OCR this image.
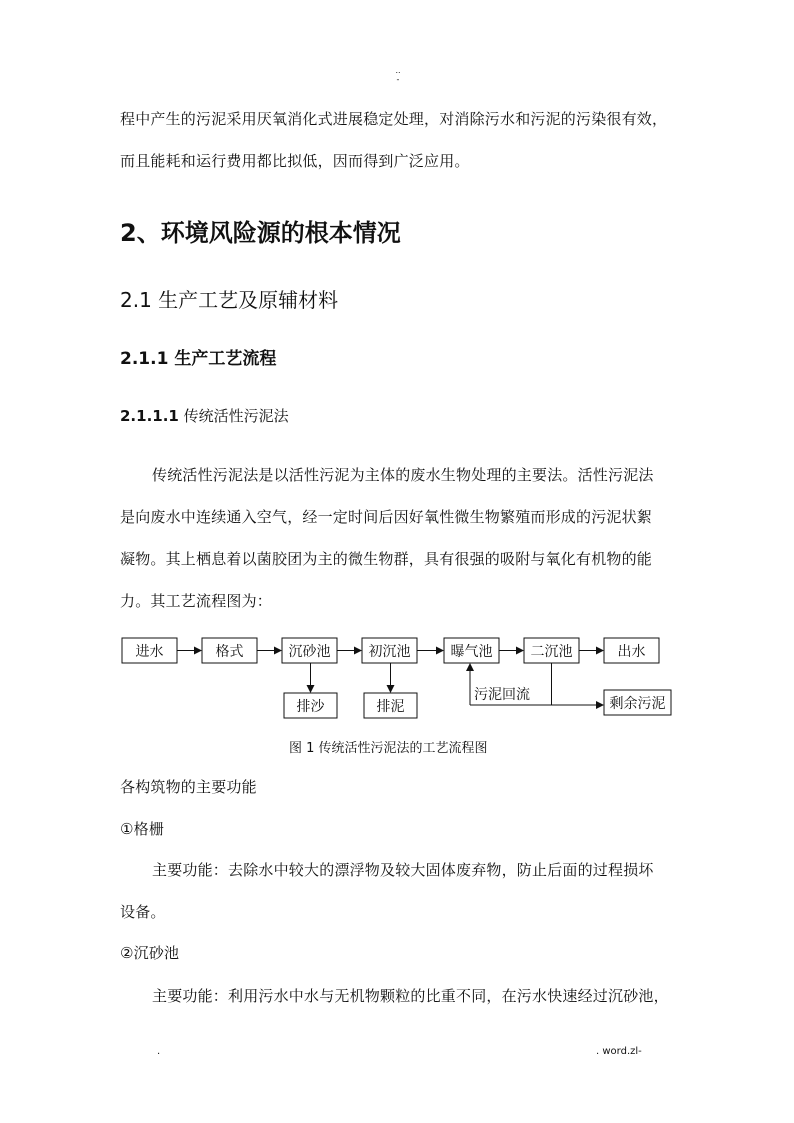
..
-
程中产生的污泥采用厌氧消化式进展稳定处理，对消除污水和污泥的污染很有效，
而且能耗和运行费用都比拟低，因而得到广泛应用。
2、环境风险源的根本情况
2.1 生产工艺及原辅材料
2.1.1 生产工艺流程
2.1.1.1 传统活性污泥法
传统活性污泥法是以活性污泥为主体的废水生物处理的主要法。活性污泥法
是向废水中连续通入空气，经一定时间后因好氧性微生物繁殖而形成的污泥状絮
凝物。其上栖息着以菌胶团为主的微生物群，具有很强的吸附与氧化有机物的能
力。其工艺流程图为：
进水	格式	沉砂池	初沉池	曝气池	二沉池	出水
排沙	排泥
污泥回流
剩余污泥
图 1 传统活性污泥法的工艺流程图
各构筑物的主要功能
①格栅
主要功能：去除水中较大的漂浮物及较大固体废弃物，防止后面的过程损坏
设备。
②沉砂池
主要功能：利用污水中水与无机物颗粒的比重不同，在污水快速经过沉砂池，
.	. word.zl-
